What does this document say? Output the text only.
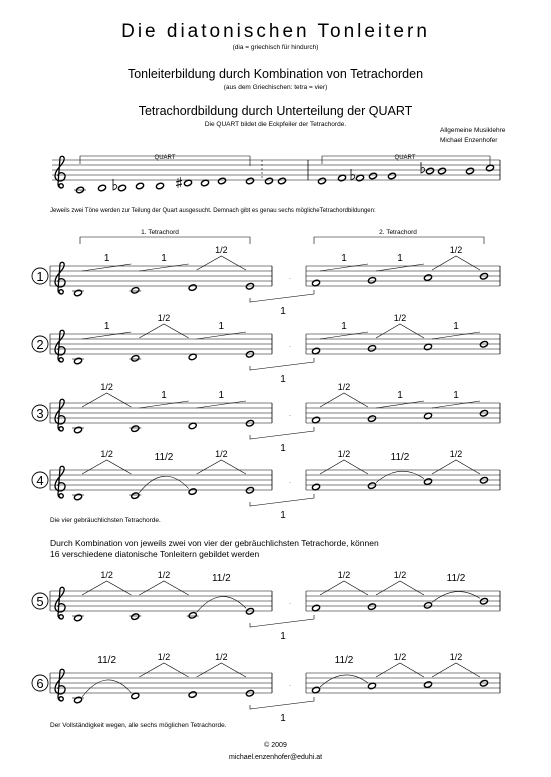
Die diatonischen Tonleitern
(dia = griechisch für hindurch)
Tonleiterbildung durch Kombination von Tetrachorden
(aus dem Griechischen: tetra = vier)
Tetrachordbildung durch Unterteilung der QUART
Die QUART bildet die Eckpfeiler der Tetrachorde.
Allgemeine Musiklehre
Michael Enzenhofer
Jeweils zwei Töne werden zur Teilung der Quart ausgesucht. Demnach gibt es genau sechs möglicheTetrachordbildungen:
Die vier gebräuchlichsten Tetrachorde.
Durch Kombination von jeweils zwei von vier der gebräuchlichsten Tetrachorde, können
16 verschiedene diatonische Tonleitern gebildet werden
Der Vollständigkeit wegen, alle sechs möglichen Tetrachorde.
© 2009
michael.enzenhofer@eduhi.at
QUART	QUART
1. Tetrachord	2. Tetrachord
1
1	1
1/2
1	1
1/2
1
·
2
1
1/2
1	1
1/2
1
1
·
3
1/2
1	1
1/2
1	1
1
·
4
1/2	11/2	1/2	1/2	11/2	1/2
1
·
5
1/2	1/2	11/2	1/2	1/2	11/2
1
·
6
11/2	1/2	1/2	11/2	1/2	1/2
1
·
